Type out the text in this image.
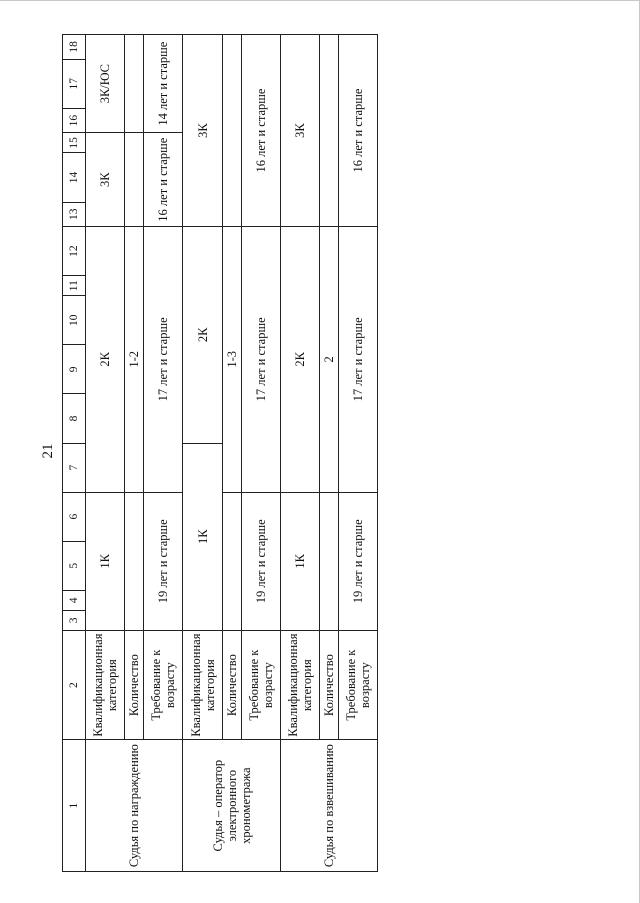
21
1	2	3	4	5	6	7	8	9	10	11	12	13	14	15	16	17	18
Судья по награждению	Квалификационная категория	1К				2К						3К			3К/ЮС		
	Количество					1-2											
	Требование к возрасту	19 лет и старше				17 лет и старше						16 лет и старше			14 лет и старше		
Судья – оператор электронного хронометража	Квалификационная категория	1К					2К					3К					
	Количество					1-3											
	Требование к возрасту	19 лет и старше				17 лет и старше						16 лет и старше					
Судья по взвешиванию	Квалификационная категория	1К				2К						3К					
	Количество					2											
	Требование к возрасту	19 лет и старше				17 лет и старше						16 лет и старше					
